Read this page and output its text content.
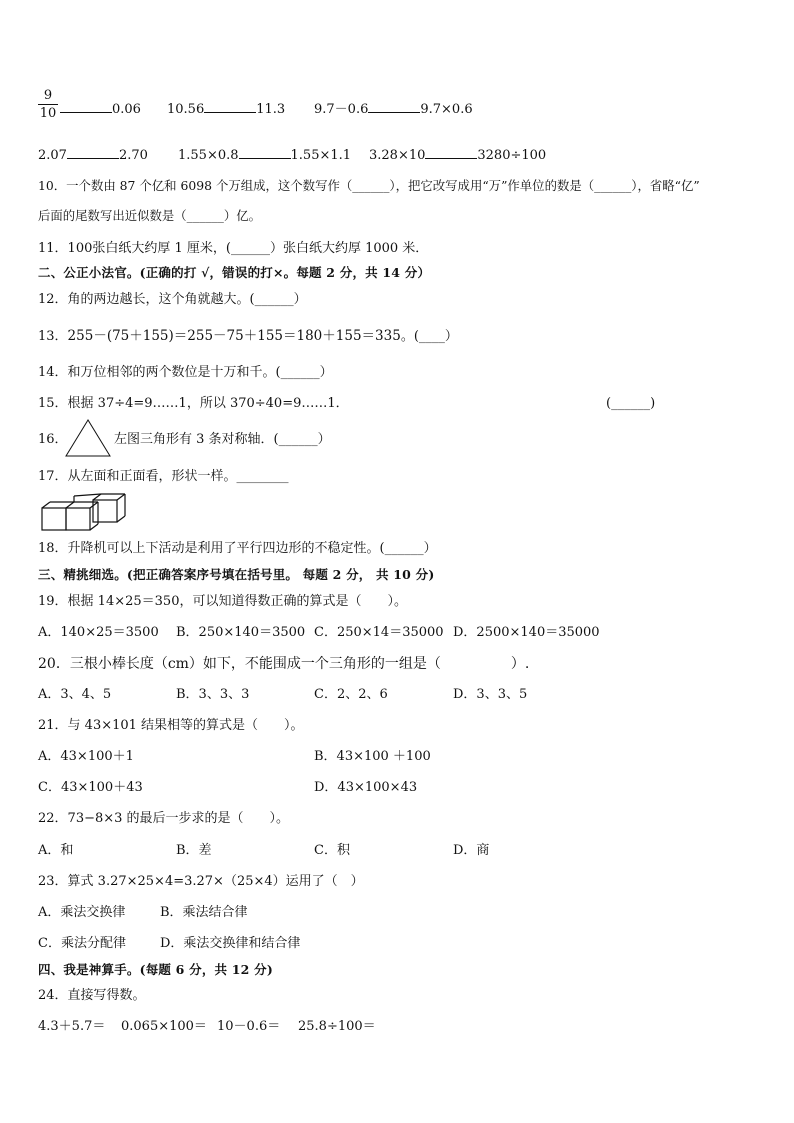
9
10	0.06 10.56	11.3 9.7－0.6	9.7×0.6
2.07	2.70 1.55×0.8	1.55×1.1 3.28×10	3280÷100
10．一个数由 87 个亿和 6098 个万组成，这个数写作（______），把它改写成用“万”作单位的数是（______），省略“亿”
后面的尾数写出近似数是（______）亿。
11．100张白纸大约厚 1 厘米，(______）张白纸大约厚 1000 米．
二、公正小法官。(正确的打 √，错误的打×。每题 2 分，共 14 分）
12．角的两边越长，这个角就越大。(______）
13．255－(75＋155)＝255－75＋155＝180＋155＝335。(____）
14．和万位相邻的两个数位是十万和千。(______）
15．根据 37÷4=9……1，所以 370÷40=9……1．	(______)
16．	左图三角形有 3 条对称轴．(______）
17．从左面和正面看，形状一样。________
18．升降机可以上下活动是利用了平行四边形的不稳定性。(______）
三、精挑细选。(把正确答案序号填在括号里。 每题 2 分， 共 10 分)
19．根据 14×25＝350，可以知道得数正确的算式是（　　）。
A．140×25＝3500 B．250×140＝3500 C．250×14＝35000 D．2500×140＝35000
20．三根小棒长度（cm）如下，不能围成一个三角形的一组是（　　　　　）.
A．3、4、5	B．3、3、3	C．2、2、6	D．3、3、5
21．与 43×101 结果相等的算式是（　　）。
A．43×100＋1	B．43×100 ＋100
C．43×100＋43	D．43×100×43
22．73−8×3 的最后一步求的是（　　）。
A．和	B．差	C．积	D．商
23．算式 3.27×25×4=3.27×（25×4）运用了（　）
A．乘法交换律	B．乘法结合律
C．乘法分配律	D．乘法交换律和结合律
四、我是神算手。(每题 6 分，共 12 分)
24．直接写得数。
4.3＋5.7＝ 0.065×100＝ 10－0.6＝ 25.8÷100＝
